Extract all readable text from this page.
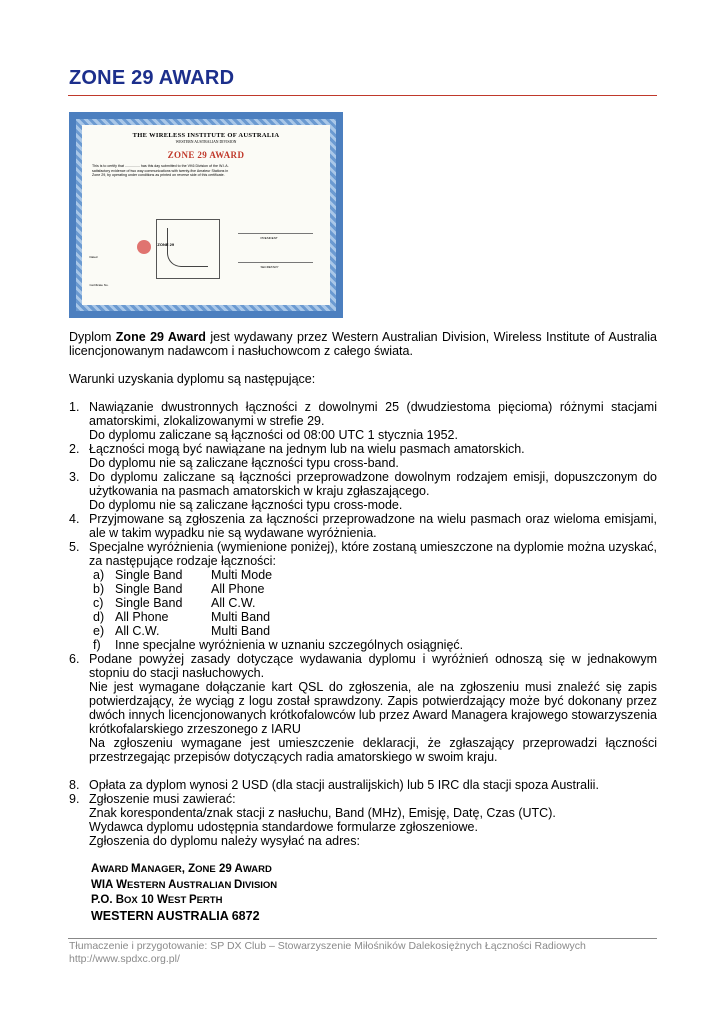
ZONE 29 AWARD
THE WIRELESS INSTITUTE OF AUSTRALIA
WESTERN AUSTRALIAN DIVISION
ZONE 29 AWARD
This is to certify that ............... has this day submitted to the VK6 Division of the W.I.A. satisfactory evidence of two way communications with twenty-five Amateur Stations in Zone 29, by operating under conditions as printed on reverse side of this certificate.
ZONE 29
PRESIDENT
SECRETARY
Dated
Certificate No.

Dyplom Zone 29 Award jest wydawany przez Western Australian Division, Wireless Institute of Australia licencjonowanym nadawcom i nasłuchowcom z całego świata.

Warunki uzyskania dyplomu są następujące:

1. Nawiązanie dwustronnych łączności z dowolnymi 25 (dwudziestoma pięcioma) różnymi stacjami amatorskimi, zlokalizowanymi w strefie 29.
Do dyplomu zaliczane są łączności od 08:00 UTC 1 stycznia 1952.
2. Łączności mogą być nawiązane na jednym lub na wielu pasmach amatorskich.
Do dyplomu nie są zaliczane łączności typu cross-band.
3. Do dyplomu zaliczane są łączności przeprowadzone dowolnym rodzajem emisji, dopuszczonym do użytkowania na pasmach amatorskich w kraju zgłaszającego.
Do dyplomu nie są zaliczane łączności typu cross-mode.
4. Przyjmowane są zgłoszenia za łączności przeprowadzone na wielu pasmach oraz wieloma emisjami, ale w takim wypadku nie są wydawane wyróżnienia.
5. Specjalne wyróżnienia (wymienione poniżej), które zostaną umieszczone na dyplomie można uzyskać, za następujące rodzaje łączności:
a) Single Band Multi Mode
b) Single Band All Phone
c) Single Band All C.W.
d) All Phone	Multi Band
e) All C.W.	Multi Band
f) Inne specjalne wyróżnienia w uznaniu szczególnych osiągnięć.
6. Podane powyżej zasady dotyczące wydawania dyplomu i wyróżnień odnoszą się w jednakowym stopniu do stacji nasłuchowych.
Nie jest wymagane dołączanie kart QSL do zgłoszenia, ale na zgłoszeniu musi znaleźć się zapis potwierdzający, że wyciąg z logu został sprawdzony. Zapis potwierdzający może być dokonany przez dwóch innych licencjonowanych krótkofalowców lub przez Award Managera krajowego stowarzyszenia krótkofalarskiego zrzeszonego z IARU
Na zgłoszeniu wymagane jest umieszczenie deklaracji, że zgłaszający przeprowadzi łączności przestrzegając przepisów dotyczących radia amatorskiego w swoim kraju.
8. Opłata za dyplom wynosi 2 USD (dla stacji australijskich) lub 5 IRC dla stacji spoza Australii.
9. Zgłoszenie musi zawierać:
Znak korespondenta/znak stacji z nasłuchu, Band (MHz), Emisję, Datę, Czas (UTC).
Wydawca dyplomu udostępnia standardowe formularze zgłoszeniowe.
Zgłoszenia do dyplomu należy wysyłać na adres:
AWARD MANAGER, ZONE 29 AWARD
WIA WESTERN AUSTRALIAN DIVISION
P.O. BOX 10 WEST PERTH
WESTERN AUSTRALIA 6872
Tłumaczenie i przygotowanie: SP DX Club – Stowarzyszenie Miłośników Dalekosiężnych Łączności Radiowych
http://www.spdxc.org.pl/
